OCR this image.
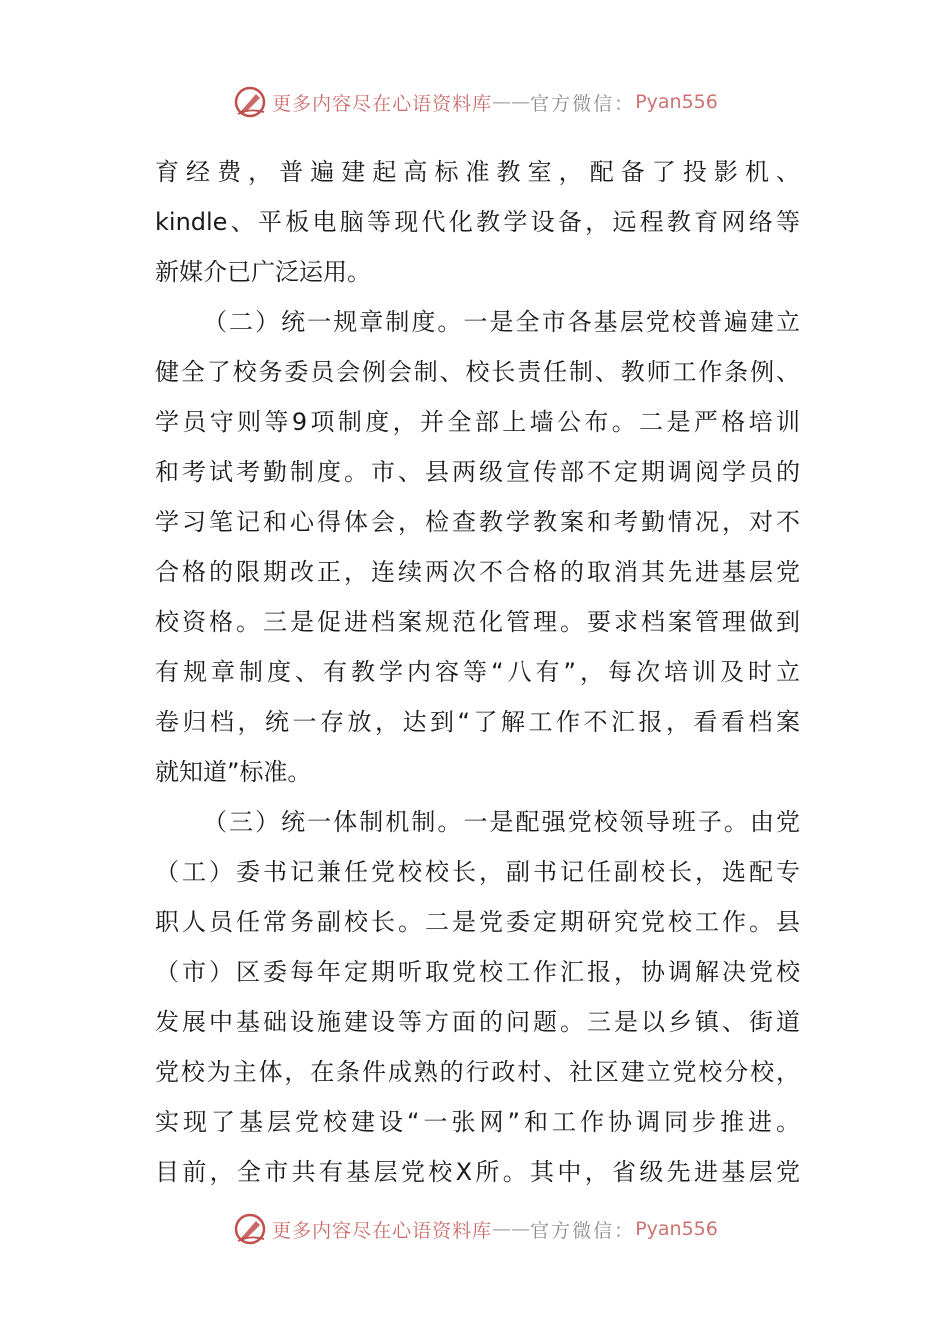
更多内容尽在心语资料库 —— 官方微信： Pyan556
育经费，普遍建起高标准教室，配备了投影机、
kindle、平板电脑等现代化教学设备，远程教育网络等
新媒介已广泛运用。
（二）统一规章制度。一是全市各基层党校普遍建立
健全了校务委员会例会制、校长责任制、教师工作条例、
学员守则等9项制度，并全部上墙公布。二是严格培训
和考试考勤制度。市、县两级宣传部不定期调阅学员的
学习笔记和心得体会，检查教学教案和考勤情况，对不
合格的限期改正，连续两次不合格的取消其先进基层党
校资格。三是促进档案规范化管理。要求档案管理做到
有规章制度、有教学内容等“八有”，每次培训及时立
卷归档，统一存放，达到“了解工作不汇报，看看档案
就知道”标准。
（三）统一体制机制。一是配强党校领导班子。由党
（工）委书记兼任党校校长，副书记任副校长，选配专
职人员任常务副校长。二是党委定期研究党校工作。县
（市）区委每年定期听取党校工作汇报，协调解决党校
发展中基础设施建设等方面的问题。三是以乡镇、街道
党校为主体，在条件成熟的行政村、社区建立党校分校，
实现了基层党校建设“一张网”和工作协调同步推进。
目前，全市共有基层党校X所。其中，省级先进基层党
更多内容尽在心语资料库 —— 官方微信： Pyan556
